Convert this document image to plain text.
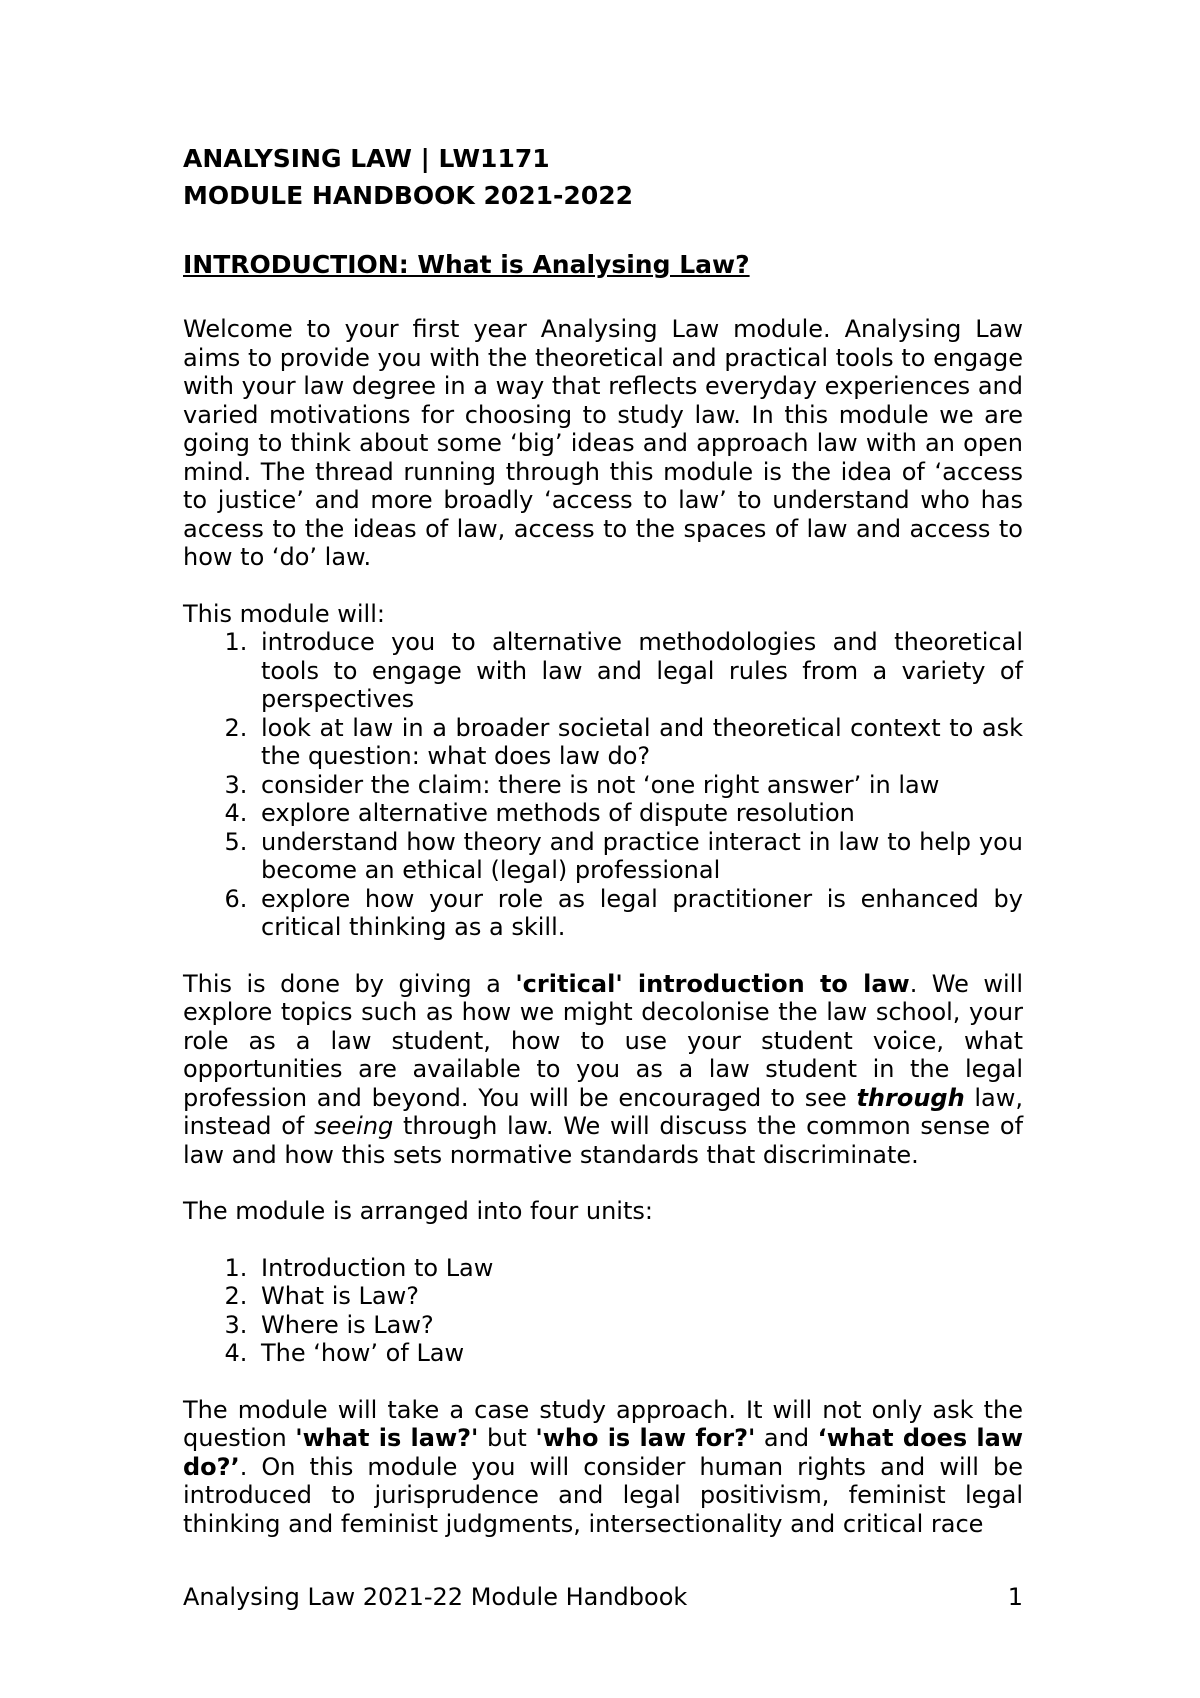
ANALYSING LAW | LW1171
MODULE HANDBOOK 2021-2022
INTRODUCTION: What is Analysing Law?

Welcome to your first year Analysing Law module. Analysing Law aims to provide you with the theoretical and practical tools to engage with your law degree in a way that reflects everyday experiences and varied motivations for choosing to study law. In this module we are going to think about some ‘big’ ideas and approach law with an open mind. The thread running through this module is the idea of ‘access to justice’ and more broadly ‘access to law’ to understand who has access to the ideas of law, access to the spaces of law and access to how to ‘do’ law.

This module will:

1. introduce you to alternative methodologies and theoretical tools to engage with law and legal rules from a variety of perspectives
2. look at law in a broader societal and theoretical context to ask the question: what does law do?
3. consider the claim: there is not ‘one right answer’ in law
4. explore alternative methods of dispute resolution
5. understand how theory and practice interact in law to help you become an ethical (legal) professional
6. explore how your role as legal practitioner is enhanced by critical thinking as a skill.

This is done by giving a 'critical' introduction to law. We will explore topics such as how we might decolonise the law school, your role as a law student, how to use your student voice, what opportunities are available to you as a law student in the legal profession and beyond. You will be encouraged to see through law, instead of seeing through law. We will discuss the common sense of law and how this sets normative standards that discriminate.

The module is arranged into four units:

1. Introduction to Law
2. What is Law?
3. Where is Law?
4. The ‘how’ of Law

The module will take a case study approach. It will not only ask the question 'what is law?' but 'who is law for?' and ‘what does law do?’. On this module you will consider human rights and will be introduced to jurisprudence and legal positivism, feminist legal thinking and feminist judgments, intersectionality and critical race

Analysing Law 2021-22 Module Handbook	1
